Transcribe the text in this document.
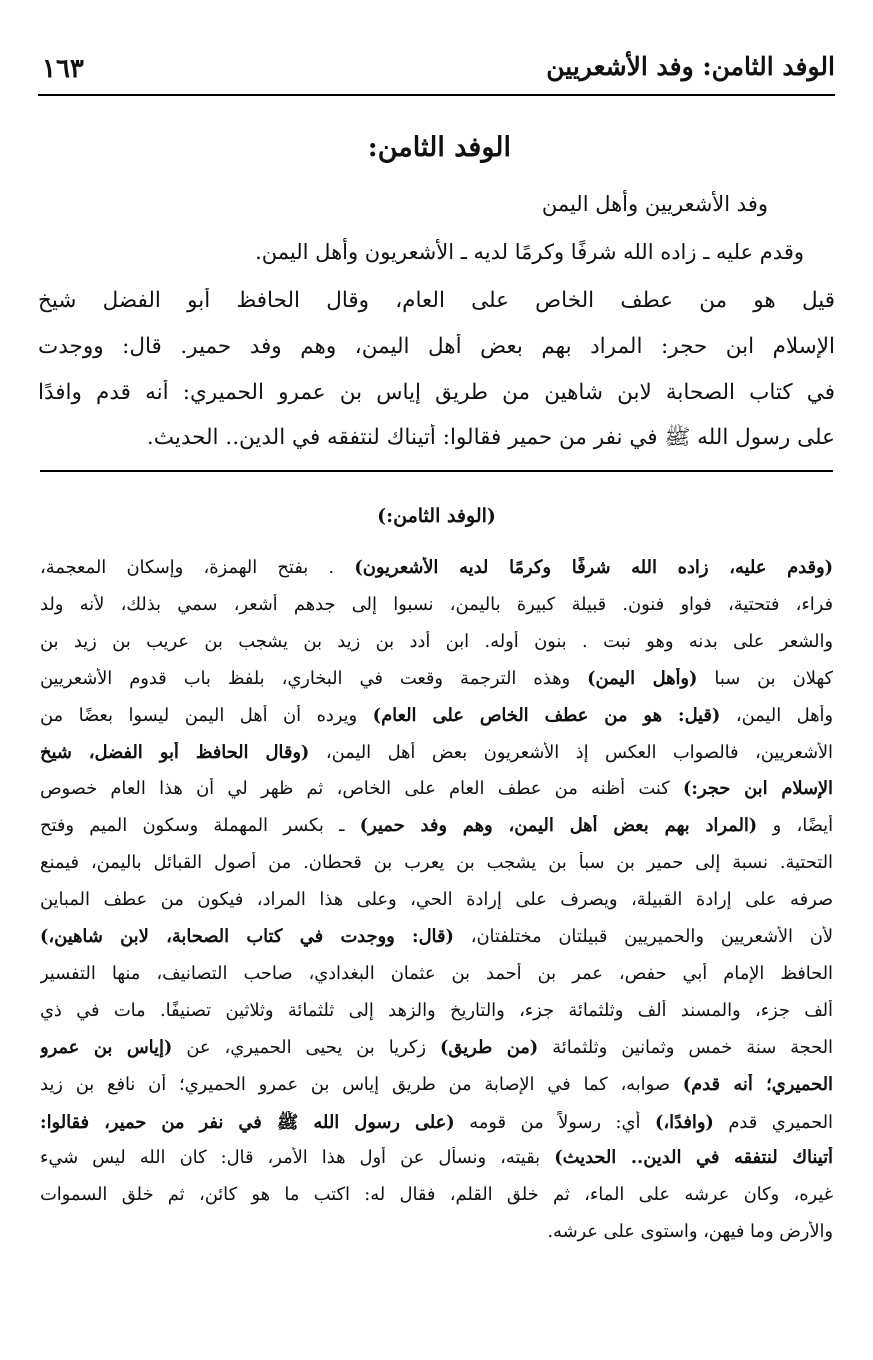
الوفد الثامن: وفد الأشعريين
١٦٣
الوفد الثامن:
وفد الأشعريين وأهل اليمن
وقدم عليه ـ زاده الله شرفًا وكرمًا لديه ـ الأشعريون وأهل اليمن.
قيل هو من عطف الخاص على العام، وقال الحافظ أبو الفضل شيخ
الإسلام ابن حجر: المراد بهم بعض أهل اليمن، وهم وفد حمير. قال: ووجدت
في كتاب الصحابة لابن شاهين من طريق إياس بن عمرو الحميري: أنه قدم وافدًا
على رسول الله ﷺ في نفر من حمير فقالوا: أتيناك لنتفقه في الدين.. الحديث.
(الوفد الثامن:)
(وقدم عليه، زاده الله شرفًا وكرمًا لديه الأشعريون) . بفتح الهمزة، وإسكان المعجمة،
فراء، فتحتية، فواو فنون. قبيلة كبيرة باليمن، نسبوا إلى جدهم أشعر، سمي بذلك، لأنه ولد
والشعر على بدنه وهو نبت . بنون أوله. ابن أدد بن زيد بن يشجب بن عريب بن زيد بن
كهلان بن سبا (وأهل اليمن) وهذه الترجمة وقعت في البخاري، بلفظ باب قدوم الأشعريين
وأهل اليمن، (قيل: هو من عطف الخاص على العام) ويرده أن أهل اليمن ليسوا بعضًا من
الأشعريين، فالصواب العكس إذ الأشعريون بعض أهل اليمن، (وقال الحافظ أبو الفضل، شيخ
الإسلام ابن حجر:) كنت أظنه من عطف العام على الخاص، ثم ظهر لي أن هذا العام خصوص
أيضًا، و (المراد بهم بعض أهل اليمن، وهم وفد حمير) ـ بكسر المهملة وسكون الميم وفتح
التحتية. نسبة إلى حمير بن سبأ بن يشجب بن يعرب بن قحطان. من أصول القبائل باليمن، فيمنع
صرفه على إرادة القبيلة، ويصرف على إرادة الحي، وعلى هذا المراد، فيكون من عطف المباين
لأن الأشعريين والحميريين قبيلتان مختلفتان، (قال: ووجدت في كتاب الصحابة، لابن شاهين،)
الحافظ الإمام أبي حفص، عمر بن أحمد بن عثمان البغدادي، صاحب التصانيف، منها التفسير
ألف جزء، والمسند ألف وثلثمائة جزء، والتاريخ والزهد إلى ثلثمائة وثلاثين تصنيفًا. مات في ذي
الحجة سنة خمس وثمانين وثلثمائة (من طريق) زكريا بن يحيى الحميري، عن (إياس بن عمرو
الحميري؛ أنه قدم) صوابه، كما في الإصابة من طريق إياس بن عمرو الحميري؛ أن نافع بن زيد
الحميري قدم (وافدًا،) أي: رسولاً من قومه (على رسول الله ﷺ في نفر من حمير، فقالوا:
أتيناك لنتفقه في الدين.. الحديث) بقيته، ونسأل عن أول هذا الأمر، قال: كان الله ليس شيء
غيره، وكان عرشه على الماء، ثم خلق القلم، فقال له: اكتب ما هو كائن، ثم خلق السموات
والأرض وما فيهن، واستوى على عرشه.
